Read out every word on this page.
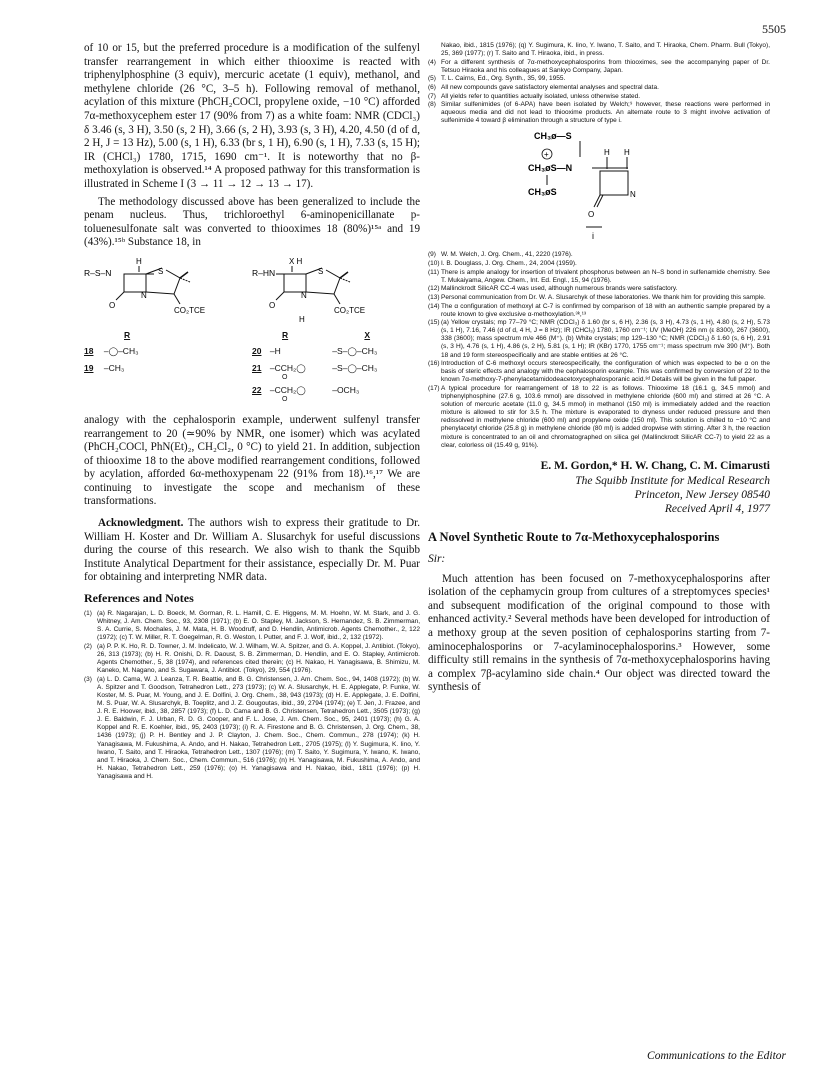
5505

of 10 or 15, but the preferred procedure is a modification of the sulfenyl transfer rearrangement in which either thiooxime is reacted with triphenylphosphine (3 equiv), mercuric acetate (1 equiv), methanol, and methylene chloride (26 °C, 3–5 h). Following removal of methanol, acylation of this mixture (PhCH₂COCl, propylene oxide, −10 °C) afforded 7α-methoxycephem ester 17 (90% from 7) as a white foam: NMR (CDCl₃) δ 3.46 (s, 3 H), 3.50 (s, 2 H), 3.66 (s, 2 H), 3.93 (s, 3 H), 4.20, 4.50 (d of d, 2 H, J = 13 Hz), 5.00 (s, 1 H), 6.33 (br s, 1 H), 6.90 (s, 1 H), 7.33 (s, 15 H); IR (CHCl₃) 1780, 1715, 1690 cm⁻¹. It is noteworthy that no β-methoxylation is observed.¹⁴ A proposed pathway for this transformation is illustrated in Scheme I (3 → 11 → 12 → 13 → 17).

The methodology discussed above has been generalized to include the penam nucleus. Thus, trichloroethyl 6-aminopenicillanate p-toluenesulfonate salt was converted to thiooximes 18 (80%)¹⁵ᵃ and 19 (43%).¹⁵ᵇ Substance 18, in

R–S–N
H
S
N
O
CO₂TCE
R–HN
X H
S
N
O
CO₂TCE
H
R
18 –◯–CH₃
19 –CH₃
R	X
20 –H	–S–◯–CH₃
21 –CCH₂◯	–S–◯–CH₃
O
22 –CCH₂◯	–OCH₃
O

analogy with the cephalosporin example, underwent sulfenyl transfer rearrangement to 20 (≃90% by NMR, one isomer) which was acylated (PhCH₂COCl, PhN(Et)₂, CH₂Cl₂, 0 °C) to yield 21. In addition, subjection of thiooxime 18 to the above modified rearrangement conditions, followed by acylation, afforded 6α-methoxypenam 22 (91% from 18).¹⁶,¹⁷ We are continuing to investigate the scope and mechanism of these transformations.

Acknowledgment. The authors wish to express their gratitude to Dr. William H. Koster and Dr. William A. Slusarchyk for useful discussions during the course of this research. We also wish to thank the Squibb Institute Analytical Department for their assistance, especially Dr. M. Puar for obtaining and interpreting NMR data.

References and Notes
(1) (a) R. Nagarajan, L. D. Boeck, M. Gorman, R. L. Hamill, C. E. Higgens, M. M. Hoehn, W. M. Stark, and J. G. Whitney, J. Am. Chem. Soc., 93, 2308 (1971); (b) E. O. Stapley, M. Jackson, S. Hernandez, S. B. Zimmerman, S. A. Currie, S. Mochales, J. M. Mata, H. B. Woodruff, and D. Hendlin, Antimicrob. Agents Chemother., 2, 122 (1972); (c) T. W. Miller, R. T. Goegelman, R. G. Weston, I. Putter, and F. J. Wolf, ibid., 2, 132 (1972).
(2) (a) P. P. K. Ho, R. D. Towner, J. M. Indelicato, W. J. Wilham, W. A. Spitzer, and G. A. Koppel, J. Antibiot. (Tokyo), 26, 313 (1973); (b) H. R. Onishi, D. R. Daoust, S. B. Zimmerman, D. Hendlin, and E. O. Stapley, Antimicrob. Agents Chemother., 5, 38 (1974), and references cited therein; (c) H. Nakao, H. Yanagisawa, B. Shimizu, M. Kaneko, M. Nagano, and S. Sugawara, J. Antibiot. (Tokyo), 29, 554 (1976).
(3) (a) L. D. Cama, W. J. Leanza, T. R. Beattie, and B. G. Christensen, J. Am. Chem. Soc., 94, 1408 (1972); (b) W. A. Spitzer and T. Goodson, Tetrahedron Lett., 273 (1973); (c) W. A. Slusarchyk, H. E. Applegate, P. Funke, W. Koster, M. S. Puar, M. Young, and J. E. Dolfini, J. Org. Chem., 38, 943 (1973); (d) H. E. Applegate, J. E. Dolfini, M. S. Puar, W. A. Slusarchyk, B. Toeplitz, and J. Z. Gougoutas, ibid., 39, 2794 (1974); (e) T. Jen, J. Frazee, and J. R. E. Hoover, ibid., 38, 2857 (1973); (f) L. D. Cama and B. G. Christensen, Tetrahedron Lett., 3505 (1973); (g) J. E. Baldwin, F. J. Urban, R. D. G. Cooper, and F. L. Jose, J. Am. Chem. Soc., 95, 2401 (1973); (h) G. A. Koppel and R. E. Koehler, ibid., 95, 2403 (1973); (i) R. A. Firestone and B. G. Christensen, J. Org. Chem., 38, 1436 (1973); (j) P. H. Bentley and J. P. Clayton, J. Chem. Soc., Chem. Commun., 278 (1974); (k) H. Yanagisawa, M. Fukushima, A. Ando, and H. Nakao, Tetrahedron Lett., 2705 (1975); (l) Y. Sugimura, K. Iino, Y. Iwano, T. Saito, and T. Hiraoka, Tetrahedron Lett., 1307 (1976); (m) T. Saito, Y. Sugimura, Y. Iwano, K. Iwano, and T. Hiraoka, J. Chem. Soc., Chem. Commun., 516 (1976); (n) H. Yanagisawa, M. Fukushima, A. Ando, and H. Nakao, Tetrahedron Lett., 259 (1976); (o) H. Yanagisawa and H. Nakao, ibid., 1811 (1976); (p) H. Yanagisawa and H.
Nakao, ibid., 1815 (1976); (q) Y. Sugimura, K. Iino, Y. Iwano, T. Saito, and T. Hiraoka, Chem. Pharm. Bull (Tokyo), 25, 369 (1977); (r) T. Saito and T. Hiraoka, ibid., in press.
(4) For a different synthesis of 7α-methoxycephalosporins from thiooximes, see the accompanying paper of Dr. Tetsuo Hiraoka and his colleagues at Sankyo Company, Japan.
(5) T. L. Cairns, Ed., Org. Synth., 35, 99, 1955.
(6) All new compounds gave satisfactory elemental analyses and spectral data.
(7) All yields refer to quantities actually isolated, unless otherwise stated.
(8) Similar sulfenimides (of 6-APA) have been isolated by Welch;⁹ however, these reactions were performed in aqueous media and did not lead to thiooxime products. An alternate route to 3 might involve activation of sulfenimide 4 toward β elimination through a structure of type i.
CH₃ø—S
+
CH₃øS—N
H H
CH₃øS	N
O
i
(9) W. M. Welch, J. Org. Chem., 41, 2220 (1976).
(10) I. B. Douglass, J. Org. Chem., 24, 2004 (1959).
(11) There is ample analogy for insertion of trivalent phosphorus between an N–S bond in sulfenamide chemistry. See T. Mukaiyama, Angew. Chem., Int. Ed. Engl., 15, 94 (1976).
(12) Mallinckrodt SilicAR CC-4 was used, although numerous brands were satisfactory.
(13) Personal communication from Dr. W. A. Slusarchyk of these laboratories. We thank him for providing this sample.
(14) The α configuration of methoxyl at C-7 is confirmed by comparison of 18 with an authentic sample prepared by a route known to give exclusive α-methoxylation.³ᵏ,¹³
(15) (a) Yellow crystals; mp 77–79 °C; NMR (CDCl₃) δ 1.60 (br s, 6 H), 2.36 (s, 3 H), 4.73 (s, 1 H), 4.80 (s, 2 H), 5.73 (s, 1 H), 7.16, 7.46 (d of d, 4 H, J = 8 Hz); IR (CHCl₃) 1780, 1760 cm⁻¹; UV (MeOH) 226 nm (ε 8300), 267 (3600), 338 (3600); mass spectrum m/e 466 (M⁺). (b) White crystals; mp 129–130 °C; NMR (CDCl₃) δ 1.60 (s, 6 H), 2.91 (s, 3 H), 4.76 (s, 1 H), 4.86 (s, 2 H), 5.81 (s, 1 H); IR (KBr) 1770, 1755 cm⁻¹; mass spectrum m/e 390 (M⁺). Both 18 and 19 form stereospecifically and are stable entities at 26 °C.
(16) Introduction of C-6 methoxyl occurs stereospecifically, the configuration of which was expected to be α on the basis of steric effects and analogy with the cephalosporin example. This was confirmed by conversion of 22 to the known 7α-methoxy-7-phenylacetamidodeacetoxycephalosporanic acid.³ᵈ Details will be given in the full paper.
(17) A typical procedure for rearrangement of 18 to 22 is as follows. Thiooxime 18 (16.1 g, 34.5 mmol) and triphenylphosphine (27.6 g, 103.6 mmol) are dissolved in methylene chloride (600 ml) and stirred at 26 °C. A solution of mercuric acetate (11.0 g, 34.5 mmol) in methanol (150 ml) is immediately added and the reaction mixture is allowed to stir for 3.5 h. The mixture is evaporated to dryness under reduced pressure and then redissolved in methylene chloride (600 ml) and propylene oxide (150 ml). This solution is chilled to −10 °C and phenylacetyl chloride (25.8 g) in methylene chloride (80 ml) is added dropwise with stirring. After 3 h, the reaction mixture is concentrated to an oil and chromatographed on silica gel (Mallinckrodt SilicAR CC-7) to yield 22 as a clear, colorless oil (15.49 g, 91%).
E. M. Gordon,* H. W. Chang, C. M. Cimarusti
The Squibb Institute for Medical Research
Princeton, New Jersey 08540
Received April 4, 1977
A Novel Synthetic Route to 7α-Methoxycephalosporins
Sir:

Much attention has been focused on 7-methoxycephalosporins after isolation of the cephamycin group from cultures of a streptomyces species¹ and subsequent modification of the original compound to those with enhanced activity.² Several methods have been developed for introduction of a methoxy group at the seven position of cephalosporins starting from 7-aminocephalosporins or 7-acylaminocephalosporins.³ However, some difficulty still remains in the synthesis of 7α-methoxycephalosporins having a complex 7β-acylamino side chain.⁴ Our object was directed toward the synthesis of

Communications to the Editor
